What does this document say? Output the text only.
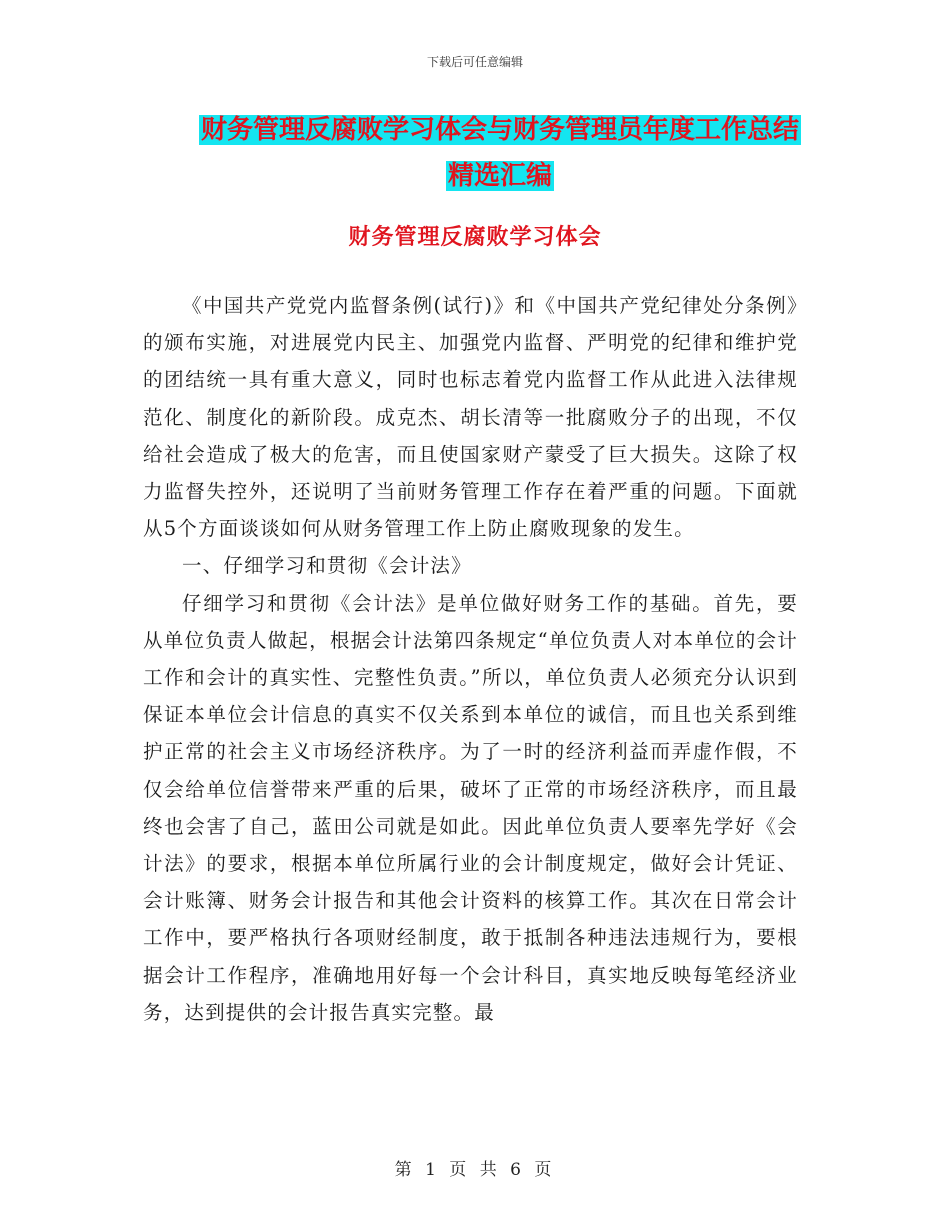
下载后可任意编辑
财务管理反腐败学习体会与财务管理员年度工作总结
精选汇编
财务管理反腐败学习体会

《中国共产党党内监督条例(试行)》和《中国共产党纪律处分条例》的颁布实施，对进展党内民主、加强党内监督、严明党的纪律和维护党的团结统一具有重大意义，同时也标志着党内监督工作从此进入法律规范化、制度化的新阶段。成克杰、胡长清等一批腐败分子的出现，不仅给社会造成了极大的危害，而且使国家财产蒙受了巨大损失。这除了权力监督失控外，还说明了当前财务管理工作存在着严重的问题。下面就从5个方面谈谈如何从财务管理工作上防止腐败现象的发生。

一、仔细学习和贯彻《会计法》

仔细学习和贯彻《会计法》是单位做好财务工作的基础。首先，要从单位负责人做起，根据会计法第四条规定“单位负责人对本单位的会计工作和会计的真实性、完整性负责。”所以，单位负责人必须充分认识到保证本单位会计信息的真实不仅关系到本单位的诚信，而且也关系到维护正常的社会主义市场经济秩序。为了一时的经济利益而弄虚作假，不仅会给单位信誉带来严重的后果，破坏了正常的市场经济秩序，而且最终也会害了自己，蓝田公司就是如此。因此单位负责人要率先学好《会计法》的要求，根据本单位所属行业的会计制度规定，做好会计凭证、会计账簿、财务会计报告和其他会计资料的核算工作。其次在日常会计工作中，要严格执行各项财经制度，敢于抵制各种违法违规行为，要根据会计工作程序，准确地用好每一个会计科目，真实地反映每笔经济业务，达到提供的会计报告真实完整。最

第 1 页 共 6 页
